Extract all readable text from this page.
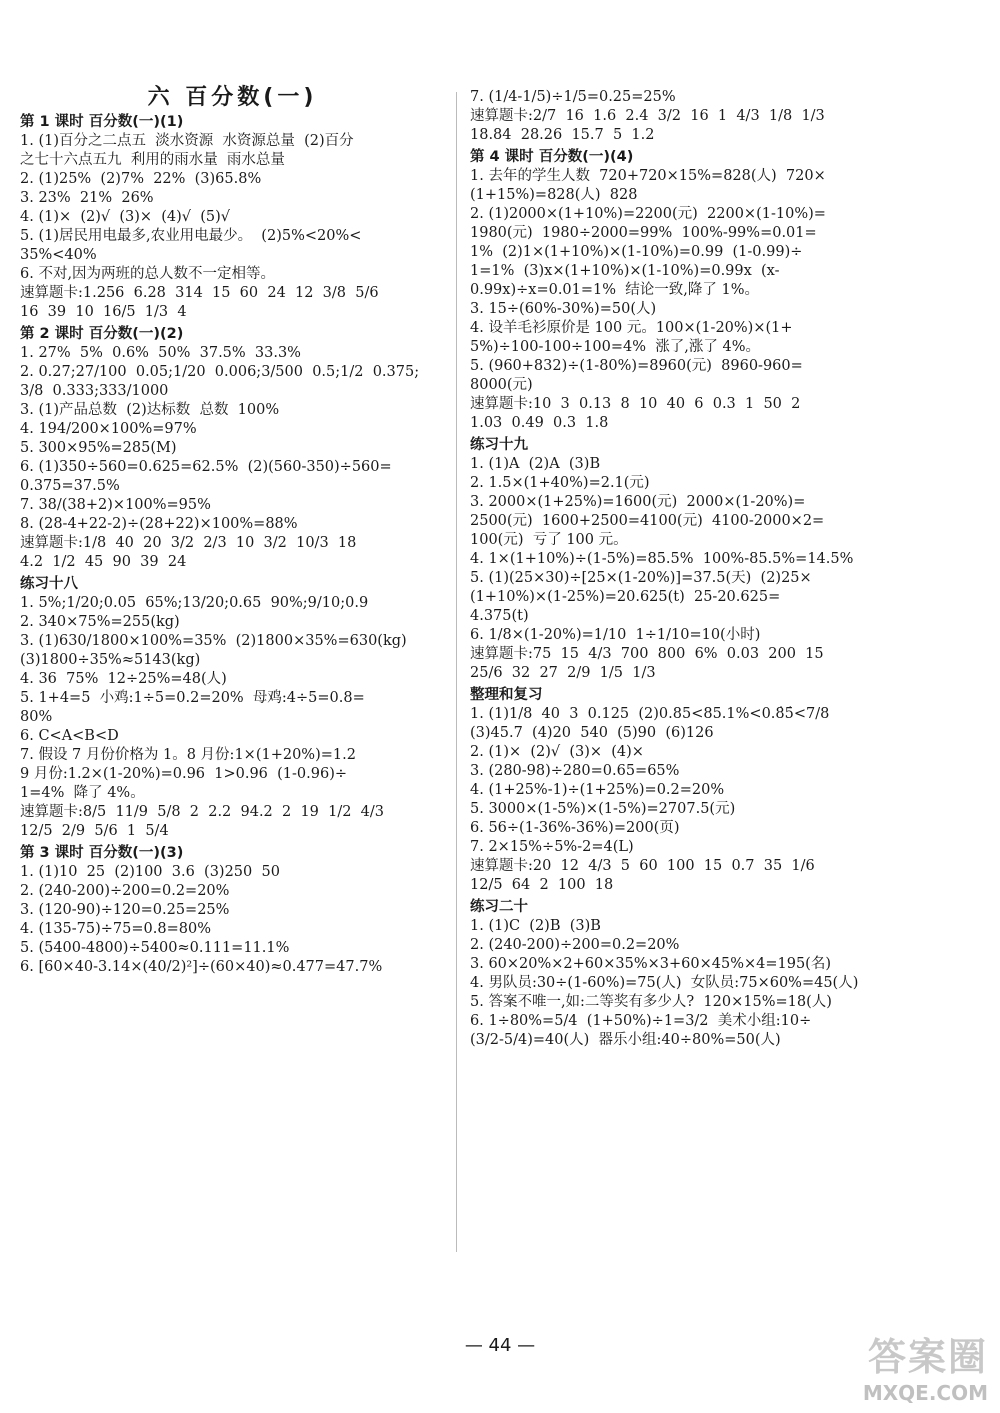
六 百分数(一)
第 1 课时 百分数(一)(1)
1. (1)百分之二点五  淡水资源  水资源总量  (2)百分
之七十六点五九  利用的雨水量  雨水总量
2. (1)25%  (2)7%  22%  (3)65.8%
3. 23%  21%  26%
4. (1)×  (2)√  (3)×  (4)√  (5)√
5. (1)居民用电最多,农业用电最少。  (2)5%<20%<
35%<40%
6. 不对,因为两班的总人数不一定相等。
速算题卡:1.256  6.28  314  15  60  24  12  3/8  5/6
16  39  10  16/5  1/3  4
第 2 课时 百分数(一)(2)
1. 27%  5%  0.6%  50%  37.5%  33.3%
2. 0.27;27/100  0.05;1/20  0.006;3/500  0.5;1/2  0.375;
3/8  0.333;333/1000
3. (1)产品总数  (2)达标数  总数  100%
4. 194/200×100%=97%
5. 300×95%=285(M)
6. (1)350÷560=0.625=62.5%  (2)(560-350)÷560=
0.375=37.5%
7. 38/(38+2)×100%=95%
8. (28-4+22-2)÷(28+22)×100%=88%
速算题卡:1/8  40  20  3/2  2/3  10  3/2  10/3  18
4.2  1/2  45  90  39  24
练习十八
1. 5%;1/20;0.05  65%;13/20;0.65  90%;9/10;0.9
2. 340×75%=255(kg)
3. (1)630/1800×100%=35%  (2)1800×35%=630(kg)
(3)1800÷35%≈5143(kg)
4. 36  75%  12÷25%=48(人)
5. 1+4=5  小鸡:1÷5=0.2=20%  母鸡:4÷5=0.8=
80%
6. C<A<B<D
7. 假设 7 月份价格为 1。8 月份:1×(1+20%)=1.2
9 月份:1.2×(1-20%)=0.96  1>0.96  (1-0.96)÷
1=4%  降了 4%。
速算题卡:8/5  11/9  5/8  2  2.2  94.2  2  19  1/2  4/3
12/5  2/9  5/6  1  5/4
第 3 课时 百分数(一)(3)
1. (1)10  25  (2)100  3.6  (3)250  50
2. (240-200)÷200=0.2=20%
3. (120-90)÷120=0.25=25%
4. (135-75)÷75=0.8=80%
5. (5400-4800)÷5400≈0.111=11.1%
6. [60×40-3.14×(40/2)²]÷(60×40)≈0.477=47.7%
7. (1/4-1/5)÷1/5=0.25=25%
速算题卡:2/7  16  1.6  2.4  3/2  16  1  4/3  1/8  1/3
18.84  28.26  15.7  5  1.2
第 4 课时 百分数(一)(4)
1. 去年的学生人数  720+720×15%=828(人)  720×
(1+15%)=828(人)  828
2. (1)2000×(1+10%)=2200(元)  2200×(1-10%)=
1980(元)  1980÷2000=99%  100%-99%=0.01=
1%  (2)1×(1+10%)×(1-10%)=0.99  (1-0.99)÷
1=1%  (3)x×(1+10%)×(1-10%)=0.99x  (x-
0.99x)÷x=0.01=1%  结论一致,降了 1%。
3. 15÷(60%-30%)=50(人)
4. 设羊毛衫原价是 100 元。100×(1-20%)×(1+
5%)÷100-100÷100=4%  涨了,涨了 4%。
5. (960+832)÷(1-80%)=8960(元)  8960-960=
8000(元)
速算题卡:10  3  0.13  8  10  40  6  0.3  1  50  2
1.03  0.49  0.3  1.8
练习十九
1. (1)A  (2)A  (3)B
2. 1.5×(1+40%)=2.1(元)
3. 2000×(1+25%)=1600(元)  2000×(1-20%)=
2500(元)  1600+2500=4100(元)  4100-2000×2=
100(元)  亏了 100 元。
4. 1×(1+10%)÷(1-5%)=85.5%  100%-85.5%=14.5%
5. (1)(25×30)÷[25×(1-20%)]=37.5(天)  (2)25×
(1+10%)×(1-25%)=20.625(t)  25-20.625=
4.375(t)
6. 1/8×(1-20%)=1/10  1÷1/10=10(小时)
速算题卡:75  15  4/3  700  800  6%  0.03  200  15
25/6  32  27  2/9  1/5  1/3
整理和复习
1. (1)1/8  40  3  0.125  (2)0.85<85.1%<0.8̇5̇<7/8
(3)45.7  (4)20  540  (5)90  (6)126
2. (1)×  (2)√  (3)×  (4)×
3. (280-98)÷280=0.65=65%
4. (1+25%-1)÷(1+25%)=0.2=20%
5. 3000×(1-5%)×(1-5%)=2707.5(元)
6. 56÷(1-36%-36%)=200(页)
7. 2×15%÷5%-2=4(L)
速算题卡:20  12  4/3  5  60  100  15  0.7  35  1/6
12/5  64  2  100  18
练习二十
1. (1)C  (2)B  (3)B
2. (240-200)÷200=0.2=20%
3. 60×20%×2+60×35%×3+60×45%×4=195(名)
4. 男队员:30÷(1-60%)=75(人)  女队员:75×60%=45(人)
5. 答案不唯一,如:二等奖有多少人?  120×15%=18(人)
6. 1÷80%=5/4  (1+50%)÷1=3/2  美术小组:10÷
(3/2-5/4)=40(人)  器乐小组:40÷80%=50(人)
— 44 —	答案圈
MXQE.COM
